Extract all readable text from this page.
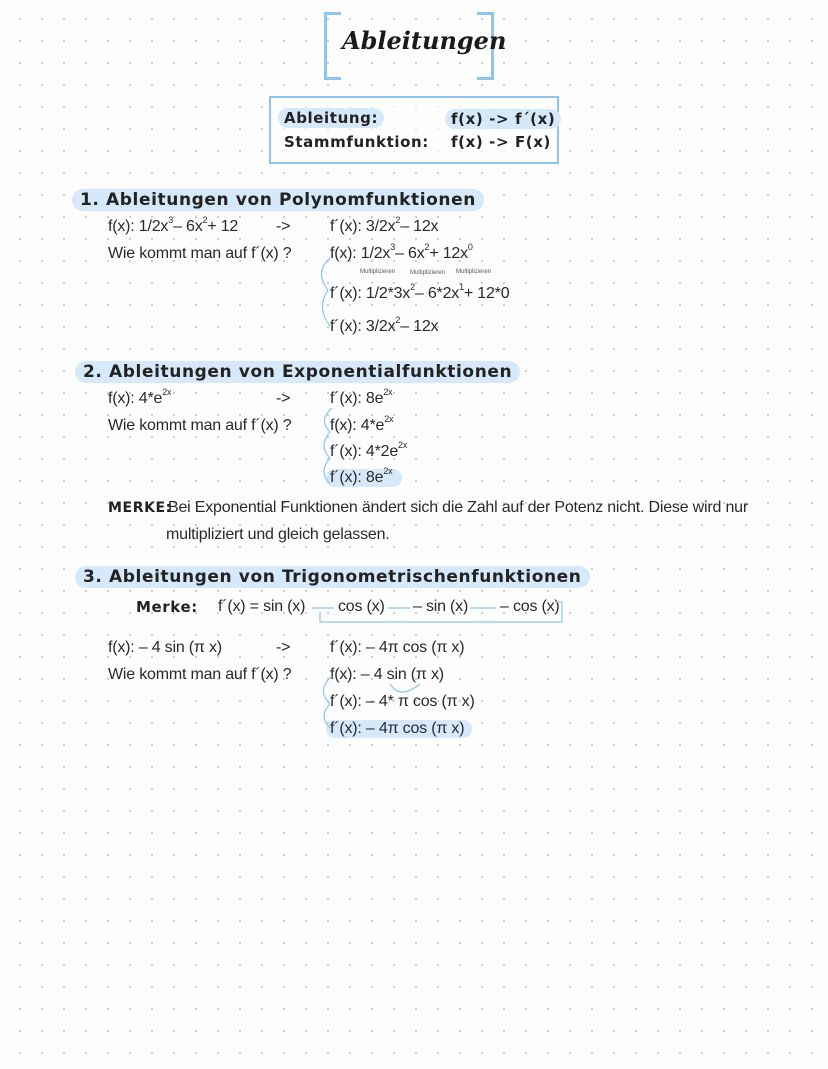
Ableitungen
Ableitung:	f(x) -> f´(x)
Stammfunktion: f(x) -> F(x)
1. Ableitungen von Polynomfunktionen
f(x): $1/2x^3-$ $6x^2+ 12$ -> f´(x): $3/2x^2-$ 12x
Wie kommt man auf f´(x) ? f(x): $1/2x^3-$ $6x^2+ 12x^0$
Multiplizieren Multiplizieren Multiplizieren
f´(x): $1/2*3x^2-$ $6*2x^1+ 12*0$
f´(x): $3/2x^2-$ 12x
2. Ableitungen von Exponentialfunktionen
f(x): $4*e^{2x}$	-> f´(x): $8e^{2x}$
Wie kommt man auf f´(x) ? f(x): $4*e^{2x}$
f´(x): $4*2e^{2x}$
f´(x): $8e^{2x}$
MERKE:
Bei Exponential Funktionen ändert sich die Zahl auf der Potenz nicht. Diese wird nur
multipliziert und gleich gelassen.
3. Ableitungen von Trigonometrischenfunktionen
Merke: f´(x) = sin (x) cos (x) – sin (x) – cos (x)
f(x): – 4 sin (π x)	-> f´(x): – 4π cos (π x)
Wie kommt man auf f´(x) ? f(x): – 4 sin (π x)
f´(x): – 4* π cos (π x)
f´(x): – 4π cos (π x)
